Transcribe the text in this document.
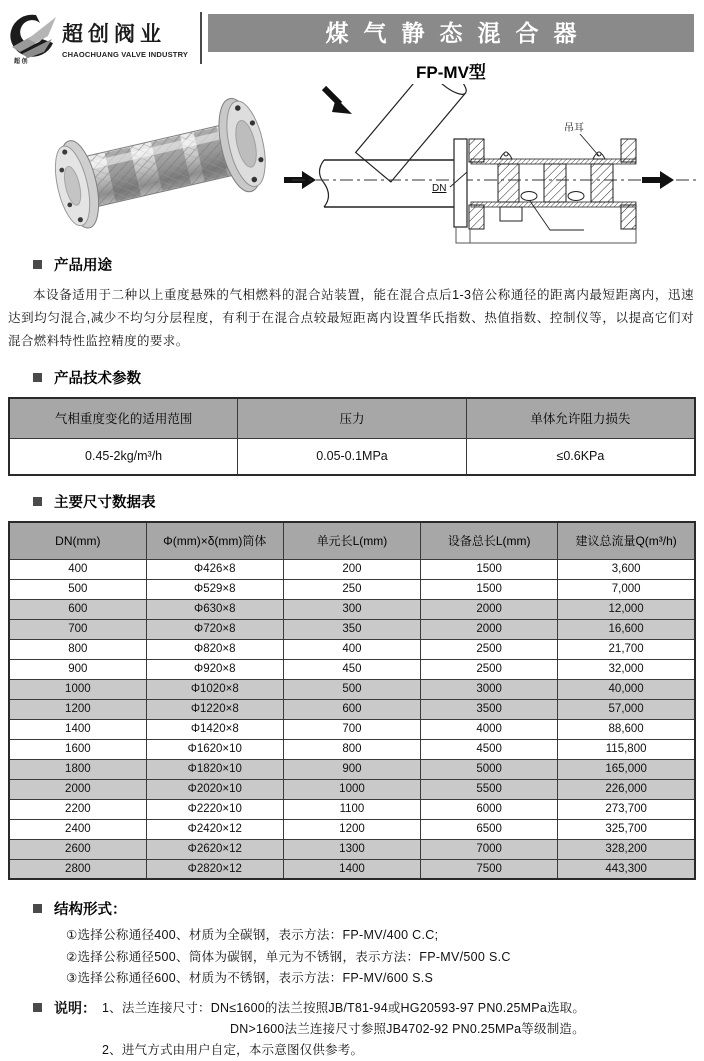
超 创
超创阀业
CHAOCHUANG VALVE INDUSTRY
煤气静态混合器
FP-MV型
吊耳
DN
产品用途

本设备适用于二种以上重度悬殊的气相燃料的混合站装置，能在混合点后1-3倍公称通径的距离内最短距离内，迅速达到均匀混合,减少不均匀分层程度，有利于在混合点较最短距离内设置华氏指数、热值指数、控制仪等，以提高它们对混合燃料特性监控精度的要求。

产品技术参数
气相重度变化的适用范围	压力	单体允许阻力损失
0.45-2kg/m³/h	0.05-0.1MPa	≤0.6KPa
主要尺寸数据表
DN(mm)	Φ(mm)×δ(mm)筒体	单元长L(mm)	设备总长L(mm)	建议总流量Q(m³/h)
400	Φ426×8	200	1500	3,600
500	Φ529×8	250	1500	7,000
600	Φ630×8	300	2000	12,000
700	Φ720×8	350	2000	16,600
800	Φ820×8	400	2500	21,700
900	Φ920×8	450	2500	32,000
1000	Φ1020×8	500	3000	40,000
1200	Φ1220×8	600	3500	57,000
1400	Φ1420×8	700	4000	88,600
1600	Φ1620×10	800	4500	115,800
1800	Φ1820×10	900	5000	165,000
2000	Φ2020×10	1000	5500	226,000
2200	Φ2220×10	1100	6000	273,700
2400	Φ2420×12	1200	6500	325,700
2600	Φ2620×12	1300	7000	328,200
2800	Φ2820×12	1400	7500	443,300
结构形式：
①选择公称通径400、材质为全碳钢，表示方法：FP-MV/400 C.C;
②选择公称通径500、筒体为碳钢，单元为不锈钢，表示方法：FP-MV/500 S.C
③选择公称通径600、材质为不锈钢，表示方法：FP-MV/600 S.S
说明： 1、法兰连接尺寸：DN≤1600的法兰按照JB/T81-94或HG20593-97 PN0.25MPa选取。
DN>1600法兰连接尺寸参照JB4702-92 PN0.25MPa等级制造。
2、进气方式由用户自定，本示意图仅供参考。
